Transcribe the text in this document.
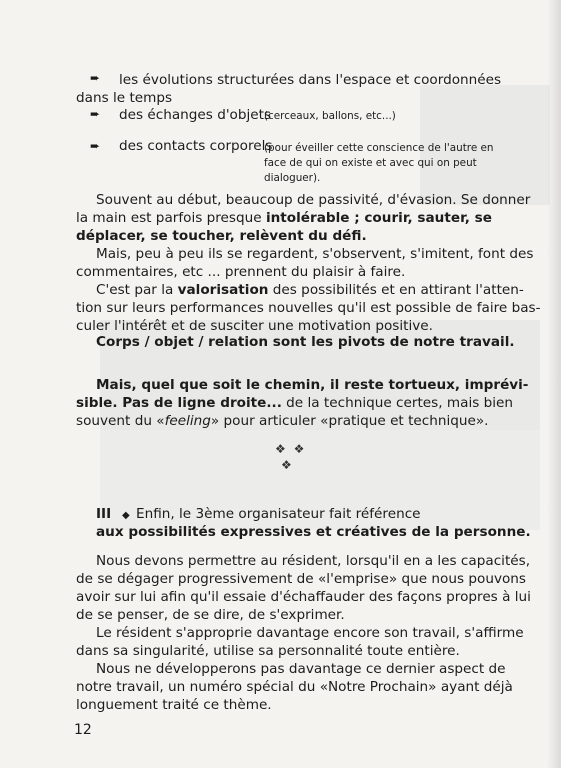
➨ les évolutions structurées dans l'espace et coordonnées
dans le temps
➨ des échanges d'objets
(cerceaux, ballons, etc...)
➨ des contacts corporels
(pour éveiller cette conscience de l'autre en
face de qui on existe et avec qui on peut
dialoguer).
Souvent au début, beaucoup de passivité, d'évasion. Se donner
la main est parfois presque intolérable ; courir, sauter, se
déplacer, se toucher, relèvent du défi.
Mais, peu à peu ils se regardent, s'observent, s'imitent, font des
commentaires, etc ... prennent du plaisir à faire.
C'est par la valorisation des possibilités et en attirant l'atten-
tion sur leurs performances nouvelles qu'il est possible de faire bas-
culer l'intérêt et de susciter une motivation positive.
Corps / objet / relation sont les pivots de notre travail.
Mais, quel que soit le chemin, il reste tortueux, imprévi-
sible. Pas de ligne droite... de la technique certes, mais bien
souvent du «feeling» pour articuler «pratique et technique».
❖ ❖
❖
III ◆ Enfin, le 3ème organisateur fait référence
aux possibilités expressives et créatives de la personne.
Nous devons permettre au résident, lorsqu'il en a les capacités,
de se dégager progressivement de «l'emprise» que nous pouvons
avoir sur lui afin qu'il essaie d'échaffauder des façons propres à lui
de se penser, de se dire, de s'exprimer.
Le résident s'approprie davantage encore son travail, s'affirme
dans sa singularité, utilise sa personnalité toute entière.
Nous ne développerons pas davantage ce dernier aspect de
notre travail, un numéro spécial du «Notre Prochain» ayant déjà
longuement traité ce thème.
12
